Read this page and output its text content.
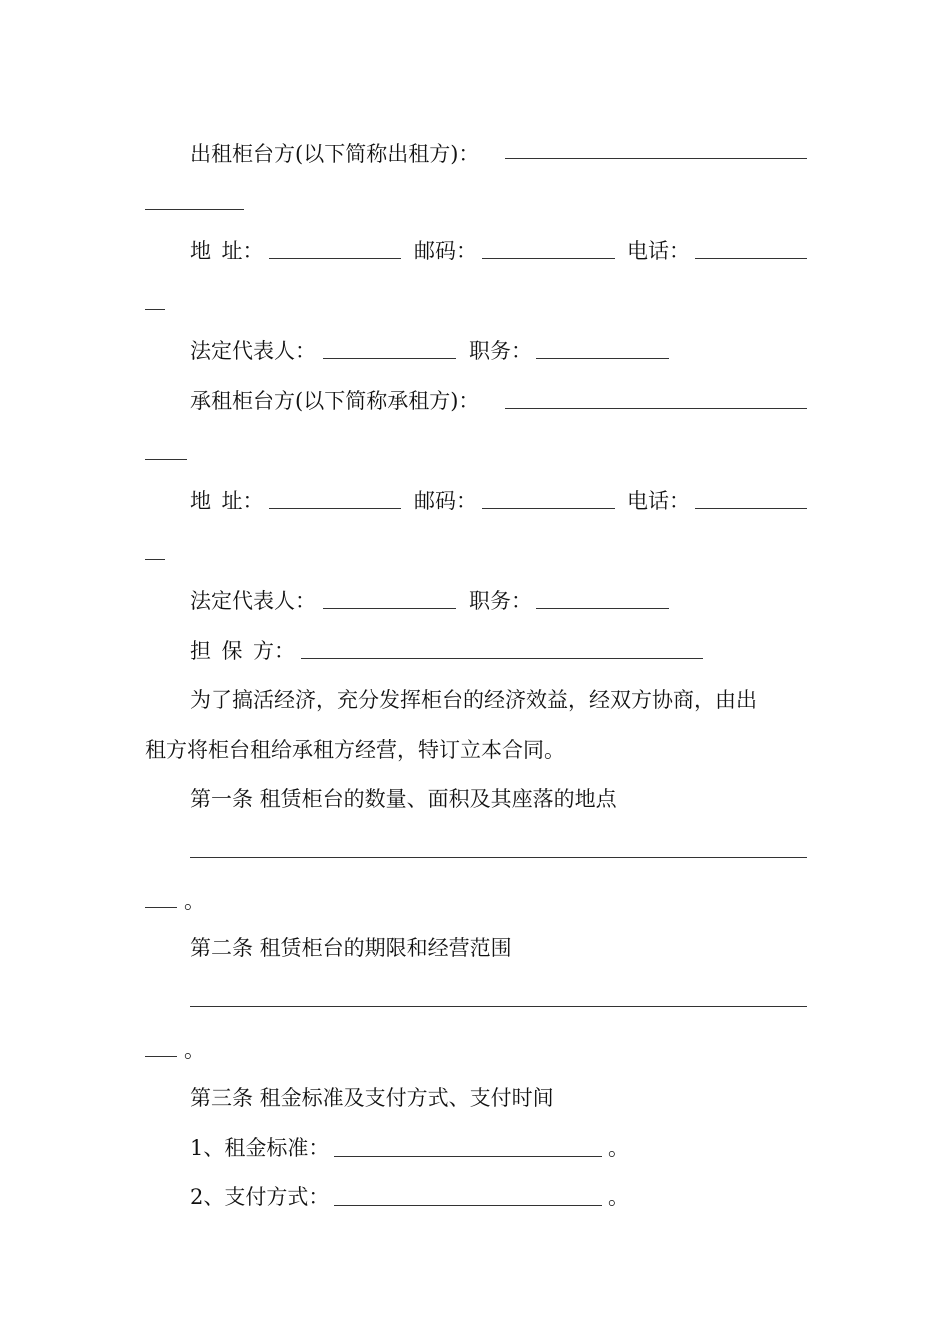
出租柜台方(以下简称出租方)：
地 址：	邮码：	电话：
法定代表人：	职务：
承租柜台方(以下简称承租方)：
地 址：	邮码：	电话：
法定代表人：	职务：
担 保 方：
为了搞活经济，充分发挥柜台的经济效益，经双方协商，由出
租方将柜台租给承租方经营，特订立本合同。
第一条 租赁柜台的数量、面积及其座落的地点
。
第二条 租赁柜台的期限和经营范围
。
第三条 租金标准及支付方式、支付时间
1、租金标准：	。
2、支付方式：	。
